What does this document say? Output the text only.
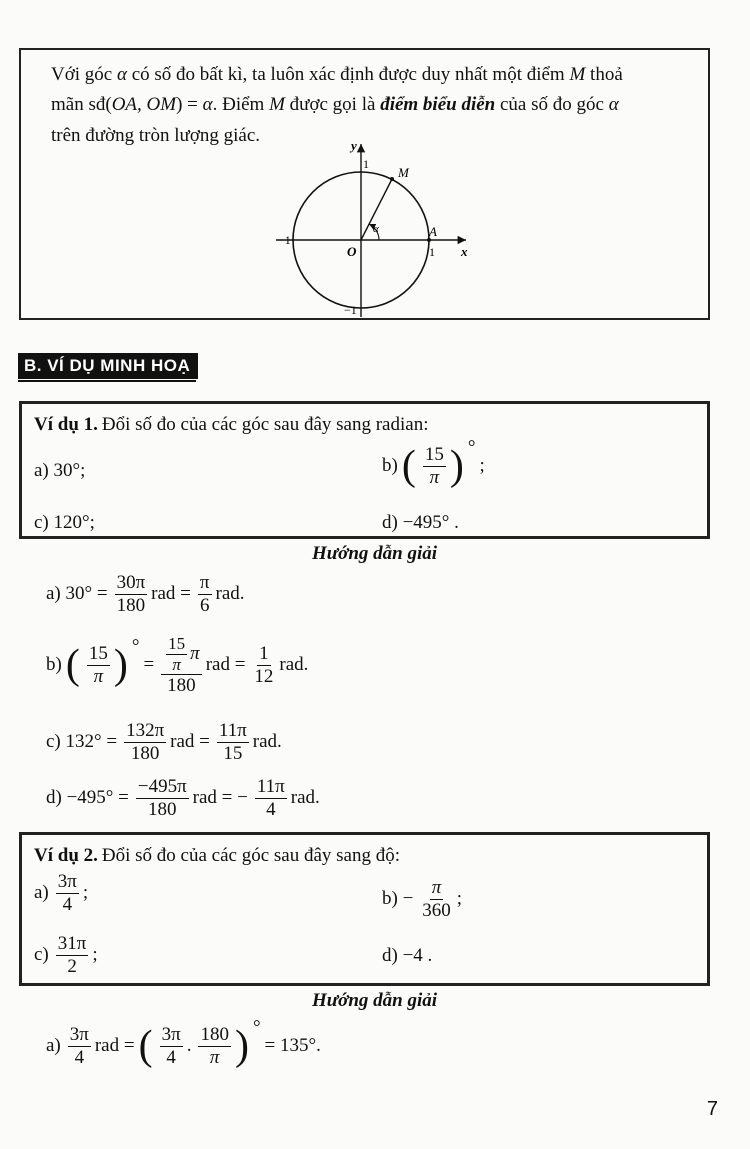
Với góc α có số đo bất kì, ta luôn xác định được duy nhất một điểm M thoả
mãn sđ(OA, OM) = α. Điểm M được gọi là điểm biểu diễn của số đo góc α
trên đường tròn lượng giác.	y
x
O
A
M
α
1
1
−1
−1
B. VÍ DỤ MINH HOẠ
Ví dụ 1. Đổi số đo của các góc sau đây sang radian:
a) 30°;	b) ( $\frac{15}{\pi}$ ) °
;
c) 120°;	d) −495° .
Hướng dẫn giải
a) $30^\circ = \frac{30\pi}{180}$ rad = $\frac{\pi}{6}$ rad.
b) ( $\frac{15}{\pi}$ ) °
= $\frac{\frac{15}{\pi} \pi}{180}$ rad = $\frac{1}{12}$ rad.
c) $132^\circ = \frac{132\pi}{180}$ rad = $\frac{11\pi}{15}$ rad.
$d) -495^\circ = \frac{-495\pi}{180}$ rad = − $\frac{11\pi}{4}$ rad.
Ví dụ 2. Đổi số đo của các góc sau đây sang độ:
$a) \frac{3\pi}{4}$ ;	$b) - \frac{\pi}{360}$ ;
$c) \frac{31\pi}{2}$ ;	d) −4 .
Hướng dẫn giải
$a) \frac{3\pi}{4}$ rad = ( $\frac{3\pi}{4}$ . $\frac{180}{\pi}$ ) °
= 135°.
7
